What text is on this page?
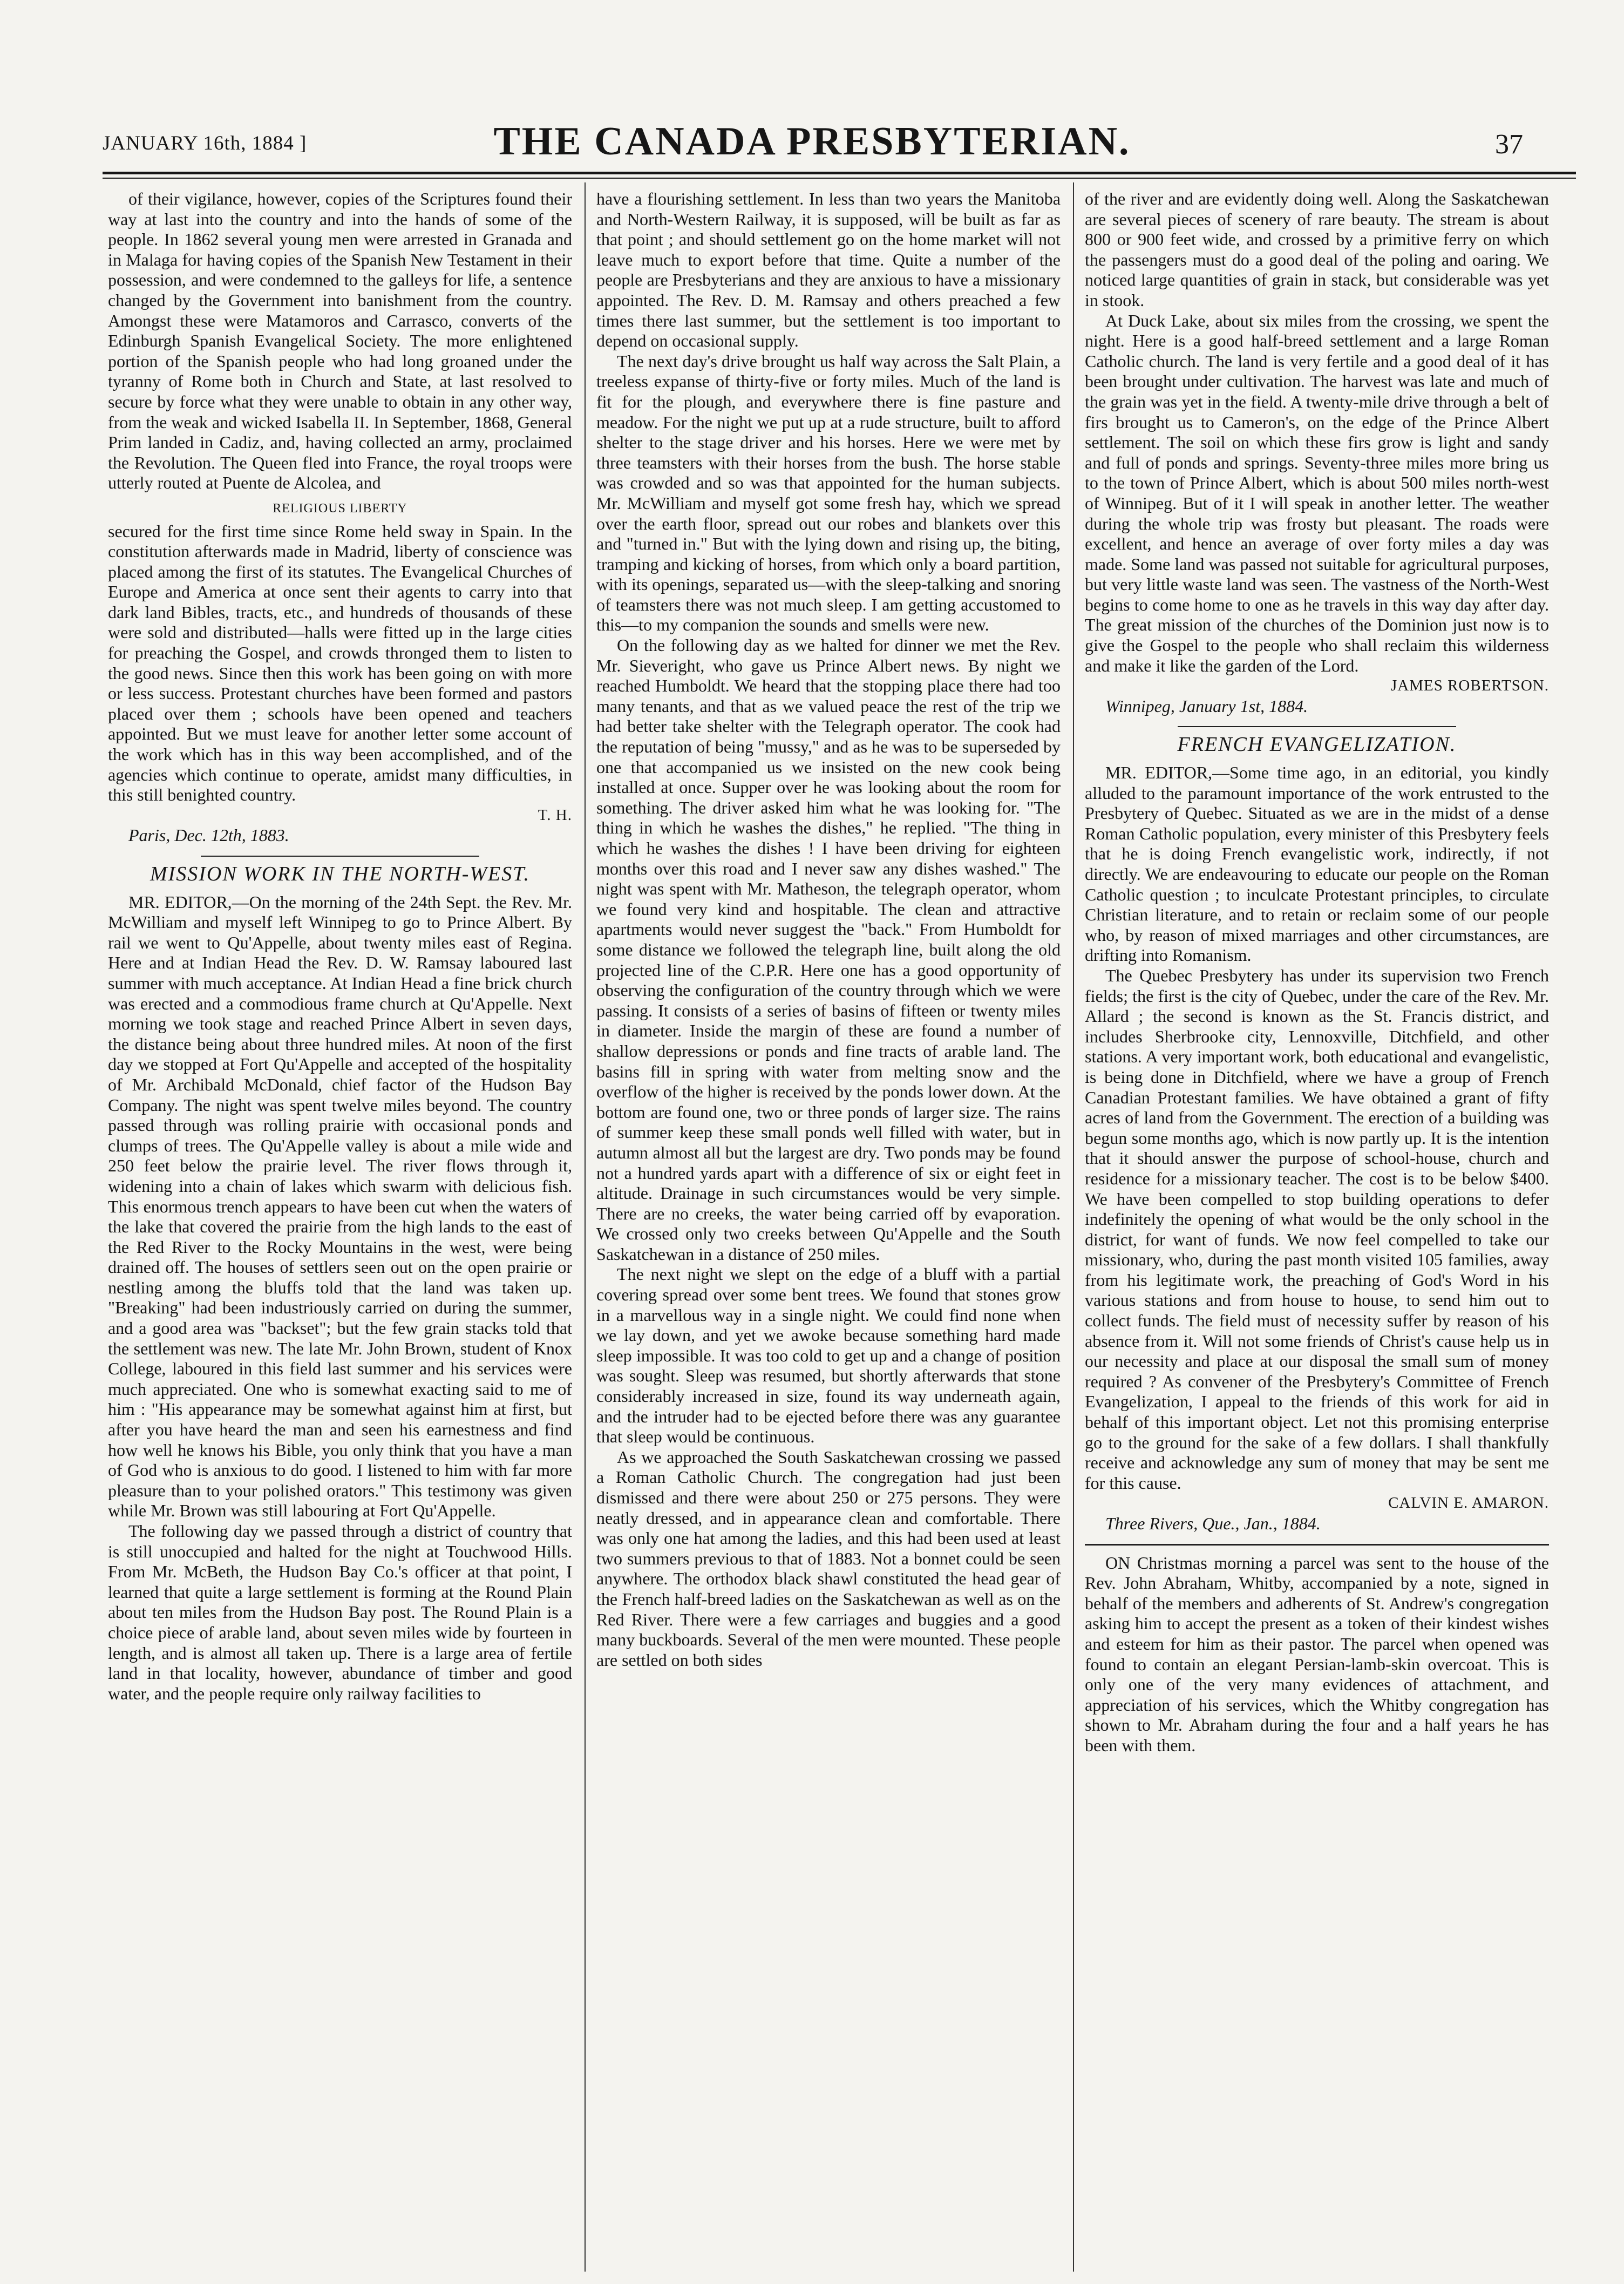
JANUARY 16th, 1884 ]	THE CANADA PRESBYTERIAN.	37

of their vigilance, however, copies of the Scriptures found their way at last into the country and into the hands of some of the people. In 1862 several young men were arrested in Granada and in Malaga for having copies of the Spanish New Testament in their possession, and were condemned to the galleys for life, a sentence changed by the Government into banishment from the country. Amongst these were Matamoros and Carrasco, converts of the Edinburgh Spanish Evangelical Society. The more enlightened portion of the Spanish people who had long groaned under the tyranny of Rome both in Church and State, at last resolved to secure by force what they were unable to obtain in any other way, from the weak and wicked Isabella II. In September, 1868, General Prim landed in Cadiz, and, having collected an army, proclaimed the Revolution. The Queen fled into France, the royal troops were utterly routed at Puente de Alcolea, and

RELIGIOUS LIBERTY

secured for the first time since Rome held sway in Spain. In the constitution afterwards made in Madrid, liberty of conscience was placed among the first of its statutes. The Evangelical Churches of Europe and America at once sent their agents to carry into that dark land Bibles, tracts, etc., and hundreds of thousands of these were sold and distributed—halls were fitted up in the large cities for preaching the Gospel, and crowds thronged them to listen to the good news. Since then this work has been going on with more or less success. Protestant churches have been formed and pastors placed over them ; schools have been opened and teachers appointed. But we must leave for another letter some account of the work which has in this way been accomplished, and of the agencies which continue to operate, amidst many difficulties, in this still benighted country.

T. H.

Paris, Dec. 12th, 1883.

MISSION WORK IN THE NORTH-WEST.

MR. EDITOR,—On the morning of the 24th Sept. the Rev. Mr. McWilliam and myself left Winnipeg to go to Prince Albert. By rail we went to Qu'Appelle, about twenty miles east of Regina. Here and at Indian Head the Rev. D. W. Ramsay laboured last summer with much acceptance. At Indian Head a fine brick church was erected and a commodious frame church at Qu'Appelle. Next morning we took stage and reached Prince Albert in seven days, the distance being about three hundred miles. At noon of the first day we stopped at Fort Qu'Appelle and accepted of the hospitality of Mr. Archibald McDonald, chief factor of the Hudson Bay Company. The night was spent twelve miles beyond. The country passed through was rolling prairie with occasional ponds and clumps of trees. The Qu'Appelle valley is about a mile wide and 250 feet below the prairie level. The river flows through it, widening into a chain of lakes which swarm with delicious fish. This enormous trench appears to have been cut when the waters of the lake that covered the prairie from the high lands to the east of the Red River to the Rocky Mountains in the west, were being drained off. The houses of settlers seen out on the open prairie or nestling among the bluffs told that the land was taken up. "Breaking" had been industriously carried on during the summer, and a good area was "backset"; but the few grain stacks told that the settlement was new. The late Mr. John Brown, student of Knox College, laboured in this field last summer and his services were much appreciated. One who is somewhat exacting said to me of him : "His appearance may be somewhat against him at first, but after you have heard the man and seen his earnestness and find how well he knows his Bible, you only think that you have a man of God who is anxious to do good. I listened to him with far more pleasure than to your polished orators." This testimony was given while Mr. Brown was still labouring at Fort Qu'Appelle.

The following day we passed through a district of country that is still unoccupied and halted for the night at Touchwood Hills. From Mr. McBeth, the Hudson Bay Co.'s officer at that point, I learned that quite a large settlement is forming at the Round Plain about ten miles from the Hudson Bay post. The Round Plain is a choice piece of arable land, about seven miles wide by fourteen in length, and is almost all taken up. There is a large area of fertile land in that locality, however, abundance of timber and good water, and the people require only railway facilities to

have a flourishing settlement. In less than two years the Manitoba and North-Western Railway, it is supposed, will be built as far as that point ; and should settlement go on the home market will not leave much to export before that time. Quite a number of the people are Presbyterians and they are anxious to have a missionary appointed. The Rev. D. M. Ramsay and others preached a few times there last summer, but the settlement is too important to depend on occasional supply.

The next day's drive brought us half way across the Salt Plain, a treeless expanse of thirty-five or forty miles. Much of the land is fit for the plough, and everywhere there is fine pasture and meadow. For the night we put up at a rude structure, built to afford shelter to the stage driver and his horses. Here we were met by three teamsters with their horses from the bush. The horse stable was crowded and so was that appointed for the human subjects. Mr. McWilliam and myself got some fresh hay, which we spread over the earth floor, spread out our robes and blankets over this and "turned in." But with the lying down and rising up, the biting, tramping and kicking of horses, from which only a board partition, with its openings, separated us—with the sleep-talking and snoring of teamsters there was not much sleep. I am getting accustomed to this—to my companion the sounds and smells were new.

On the following day as we halted for dinner we met the Rev. Mr. Sieveright, who gave us Prince Albert news. By night we reached Humboldt. We heard that the stopping place there had too many tenants, and that as we valued peace the rest of the trip we had better take shelter with the Telegraph operator. The cook had the reputation of being "mussy," and as he was to be superseded by one that accompanied us we insisted on the new cook being installed at once. Supper over he was looking about the room for something. The driver asked him what he was looking for. "The thing in which he washes the dishes," he replied. "The thing in which he washes the dishes ! I have been driving for eighteen months over this road and I never saw any dishes washed." The night was spent with Mr. Matheson, the telegraph operator, whom we found very kind and hospitable. The clean and attractive apartments would never suggest the "back." From Humboldt for some distance we followed the telegraph line, built along the old projected line of the C.P.R. Here one has a good opportunity of observing the configuration of the country through which we were passing. It consists of a series of basins of fifteen or twenty miles in diameter. Inside the margin of these are found a number of shallow depressions or ponds and fine tracts of arable land. The basins fill in spring with water from melting snow and the overflow of the higher is received by the ponds lower down. At the bottom are found one, two or three ponds of larger size. The rains of summer keep these small ponds well filled with water, but in autumn almost all but the largest are dry. Two ponds may be found not a hundred yards apart with a difference of six or eight feet in altitude. Drainage in such circumstances would be very simple. There are no creeks, the water being carried off by evaporation. We crossed only two creeks between Qu'Appelle and the South Saskatchewan in a distance of 250 miles.

The next night we slept on the edge of a bluff with a partial covering spread over some bent trees. We found that stones grow in a marvellous way in a single night. We could find none when we lay down, and yet we awoke because something hard made sleep impossible. It was too cold to get up and a change of position was sought. Sleep was resumed, but shortly afterwards that stone considerably increased in size, found its way underneath again, and the intruder had to be ejected before there was any guarantee that sleep would be continuous.

As we approached the South Saskatchewan crossing we passed a Roman Catholic Church. The congregation had just been dismissed and there were about 250 or 275 persons. They were neatly dressed, and in appearance clean and comfortable. There was only one hat among the ladies, and this had been used at least two summers previous to that of 1883. Not a bonnet could be seen anywhere. The orthodox black shawl constituted the head gear of the French half-breed ladies on the Saskatchewan as well as on the Red River. There were a few carriages and buggies and a good many buckboards. Several of the men were mounted. These people are settled on both sides

of the river and are evidently doing well. Along the Saskatchewan are several pieces of scenery of rare beauty. The stream is about 800 or 900 feet wide, and crossed by a primitive ferry on which the passengers must do a good deal of the poling and oaring. We noticed large quantities of grain in stack, but considerable was yet in stook.

At Duck Lake, about six miles from the crossing, we spent the night. Here is a good half-breed settlement and a large Roman Catholic church. The land is very fertile and a good deal of it has been brought under cultivation. The harvest was late and much of the grain was yet in the field. A twenty-mile drive through a belt of firs brought us to Cameron's, on the edge of the Prince Albert settlement. The soil on which these firs grow is light and sandy and full of ponds and springs. Seventy-three miles more bring us to the town of Prince Albert, which is about 500 miles north-west of Winnipeg. But of it I will speak in another letter. The weather during the whole trip was frosty but pleasant. The roads were excellent, and hence an average of over forty miles a day was made. Some land was passed not suitable for agricultural purposes, but very little waste land was seen. The vastness of the North-West begins to come home to one as he travels in this way day after day. The great mission of the churches of the Dominion just now is to give the Gospel to the people who shall reclaim this wilderness and make it like the garden of the Lord.

JAMES ROBERTSON.

Winnipeg, January 1st, 1884.

FRENCH EVANGELIZATION.

MR. EDITOR,—Some time ago, in an editorial, you kindly alluded to the paramount importance of the work entrusted to the Presbytery of Quebec. Situated as we are in the midst of a dense Roman Catholic population, every minister of this Presbytery feels that he is doing French evangelistic work, indirectly, if not directly. We are endeavouring to educate our people on the Roman Catholic question ; to inculcate Protestant principles, to circulate Christian literature, and to retain or reclaim some of our people who, by reason of mixed marriages and other circumstances, are drifting into Romanism.

The Quebec Presbytery has under its supervision two French fields; the first is the city of Quebec, under the care of the Rev. Mr. Allard ; the second is known as the St. Francis district, and includes Sherbrooke city, Lennoxville, Ditchfield, and other stations. A very important work, both educational and evangelistic, is being done in Ditchfield, where we have a group of French Canadian Protestant families. We have obtained a grant of fifty acres of land from the Government. The erection of a building was begun some months ago, which is now partly up. It is the intention that it should answer the purpose of school-house, church and residence for a missionary teacher. The cost is to be below $400. We have been compelled to stop building operations to defer indefinitely the opening of what would be the only school in the district, for want of funds. We now feel compelled to take our missionary, who, during the past month visited 105 families, away from his legitimate work, the preaching of God's Word in his various stations and from house to house, to send him out to collect funds. The field must of necessity suffer by reason of his absence from it. Will not some friends of Christ's cause help us in our necessity and place at our disposal the small sum of money required ? As convener of the Presbytery's Committee of French Evangelization, I appeal to the friends of this work for aid in behalf of this important object. Let not this promising enterprise go to the ground for the sake of a few dollars. I shall thankfully receive and acknowledge any sum of money that may be sent me for this cause.

CALVIN E. AMARON.

Three Rivers, Que., Jan., 1884.

ON Christmas morning a parcel was sent to the house of the Rev. John Abraham, Whitby, accompanied by a note, signed in behalf of the members and adherents of St. Andrew's congregation asking him to accept the present as a token of their kindest wishes and esteem for him as their pastor. The parcel when opened was found to contain an elegant Persian-lamb-skin overcoat. This is only one of the very many evidences of attachment, and appreciation of his services, which the Whitby congregation has shown to Mr. Abraham during the four and a half years he has been with them.
